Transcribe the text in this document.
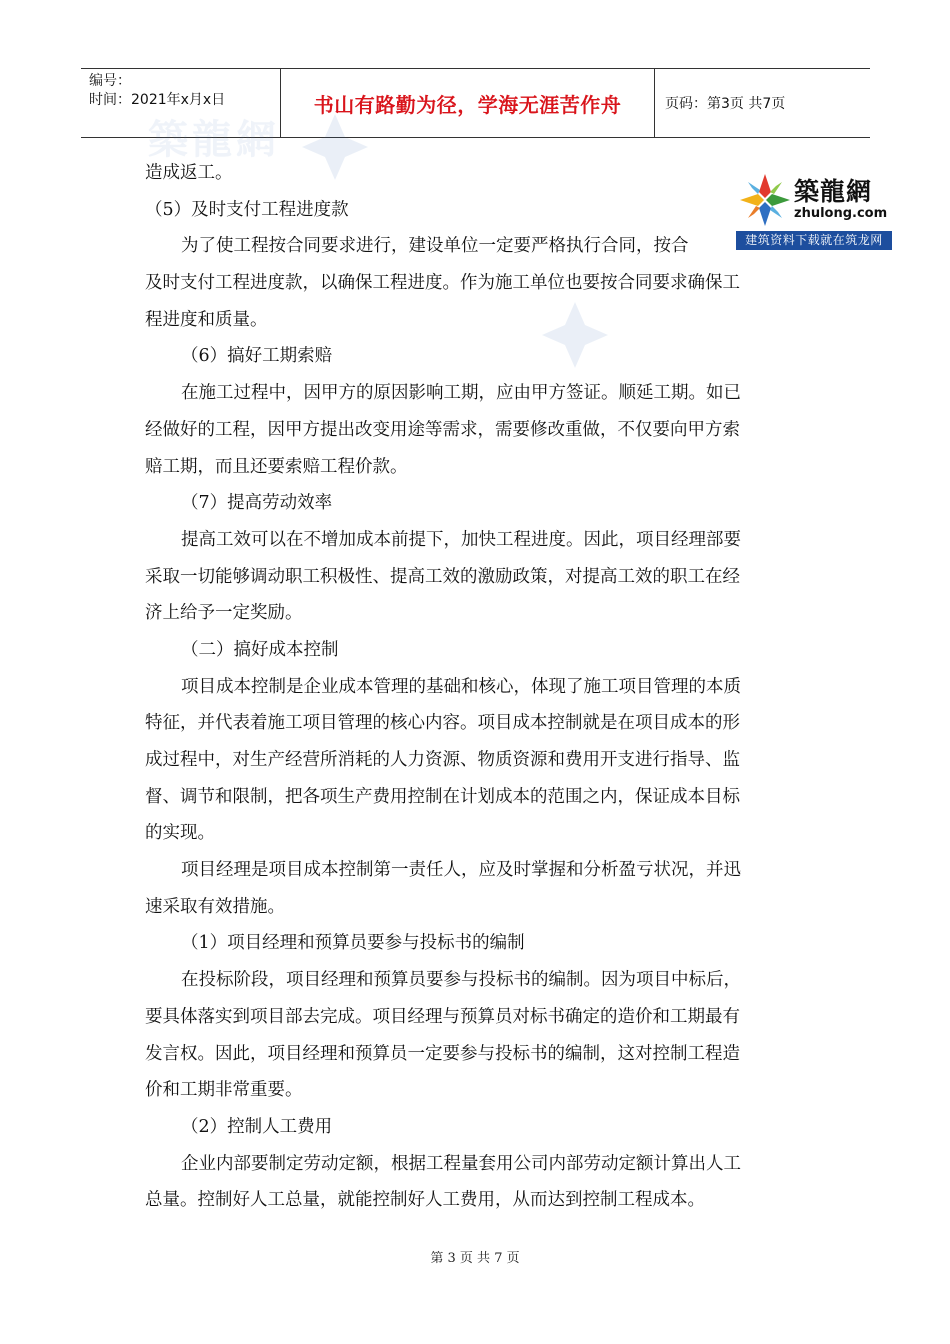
编号：
时间：2021年x月x日	书山有路勤为径，学海无涯苦作舟	页码：第3页 共7页
築龍網
築龍網
zhulong.com
建筑资料下载就在筑龙网
造成返工。
（5）及时支付工程进度款
为了使工程按合同要求进行，建设单位一定要严格执行合同，按合
及时支付工程进度款，以确保工程进度。作为施工单位也要按合同要求确保工
程进度和质量。
（6）搞好工期索赔
在施工过程中，因甲方的原因影响工期，应由甲方签证。顺延工期。如已
经做好的工程，因甲方提出改变用途等需求，需要修改重做，不仅要向甲方索
赔工期，而且还要索赔工程价款。
（7）提高劳动效率
提高工效可以在不增加成本前提下，加快工程进度。因此，项目经理部要
采取一切能够调动职工积极性、提高工效的激励政策，对提高工效的职工在经
济上给予一定奖励。
（二）搞好成本控制
项目成本控制是企业成本管理的基础和核心，体现了施工项目管理的本质
特征，并代表着施工项目管理的核心内容。项目成本控制就是在项目成本的形
成过程中，对生产经营所消耗的人力资源、物质资源和费用开支进行指导、监
督、调节和限制，把各项生产费用控制在计划成本的范围之内，保证成本目标
的实现。
项目经理是项目成本控制第一责任人，应及时掌握和分析盈亏状况，并迅
速采取有效措施。
（1）项目经理和预算员要参与投标书的编制
在投标阶段，项目经理和预算员要参与投标书的编制。因为项目中标后，
要具体落实到项目部去完成。项目经理与预算员对标书确定的造价和工期最有
发言权。因此，项目经理和预算员一定要参与投标书的编制，这对控制工程造
价和工期非常重要。
（2）控制人工费用
企业内部要制定劳动定额，根据工程量套用公司内部劳动定额计算出人工
总量。控制好人工总量，就能控制好人工费用，从而达到控制工程成本。
第 3 页 共 7 页
